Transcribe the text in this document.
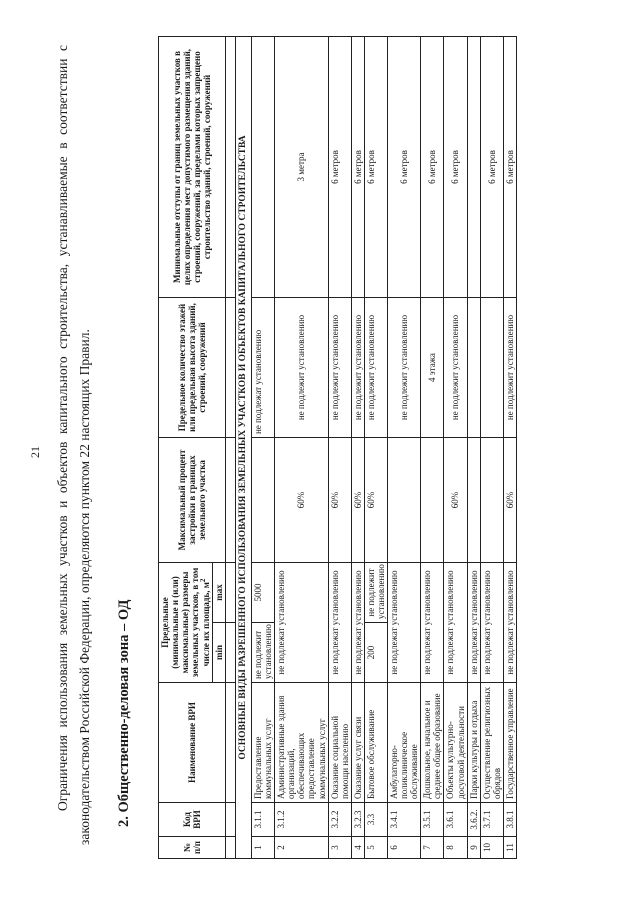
21 Ограничения использования земельных участков и объектов капитального строительства, устанавливаемые в соответствии с законодательством Российской Федерации, определяются пунктом 22 настоящих Правил. 2. Общественно-деловая зона – ОД
№ п/п	Код ВРИ	Наименование ВРИ	Предельные (минимальные и (или) максимальные) размеры земельных участков, в том числе их площадь, $м^2$		Максимальный процент застройки в границах земельного участка	Предельное количество этажей или предельная высота зданий, строений, сооружений	Минимальные отступы от границ земельных участков в целях определения мест допустимого размещения зданий, строений, сооружений, за пределами которых запрещено строительство зданий, строений, сооружений
			min	max			

ОСНОВНЫЕ ВИДЫ РАЗРЕШЕННОГО ИСПОЛЬЗОВАНИЯ ЗЕМЕЛЬНЫХ УЧАСТКОВ И ОБЪЕКТОВ КАПИТАЛЬНОГО СТРОИТЕЛЬСТВА							
1	3.1.1	Предоставление коммунальных услуг	не подлежит установлению	5000		не подлежат установлению	
2	3.1.2	Административные здания организаций, обеспечивающих предоставление коммунальных услуг	не подлежат установлению		60%	не подлежит установлению	3 метра
3	3.2.2	Оказание социальной помощи населению	не подлежат установлению		60%	не подлежит установлению	6 метров
4	3.2.3	Оказание услуг связи	не подлежат установлению		60%	не подлежит установлению	6 метров
5	3.3	Бытовое обслуживание	200	не подлежит установлению	60%	не подлежит установлению	6 метров
6	3.4.1	Амбулаторно-поликлиническое обслуживание	не подлежат установлению			не подлежит установлению	6 метров
7	3.5.1	Дошкольное, начальное и среднее общее образование	не подлежат установлению			4 этажа	6 метров
8	3.6.1	Объекты культурно-досуговой деятельности	не подлежат установлению		60%	не подлежит установлению	6 метров
9	3.6.2.	Парки культуры и отдыха	не подлежат установлению				
10	3.7.1	Осуществление религиозных обрядов	не подлежат установлению				6 метров
11	3.8.1	Государственное управление	не подлежат установлению		60%	не подлежит установлению	6 метров
